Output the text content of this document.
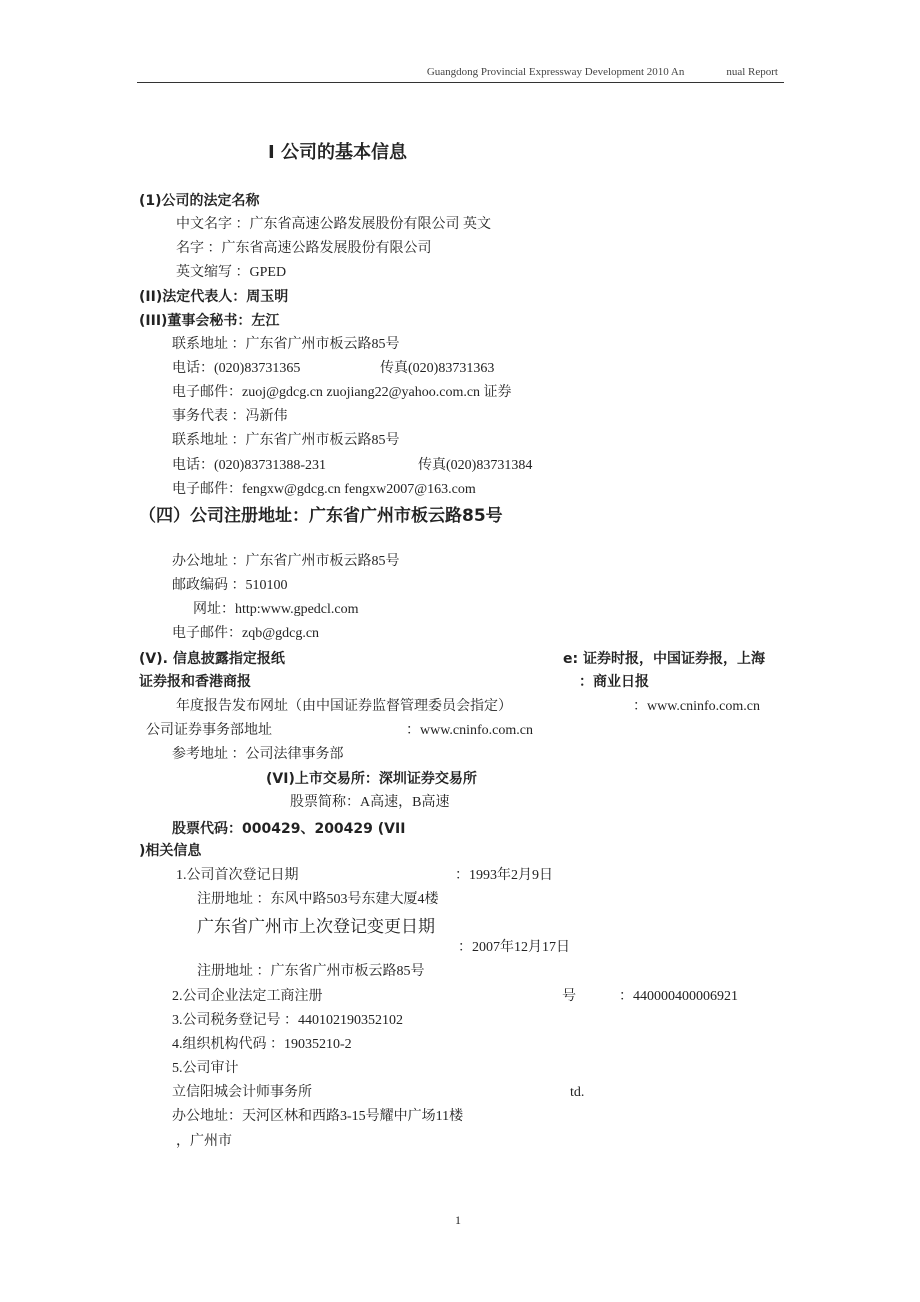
Guangdong Provincial Expressway Development 2010 An	nual Report
Ⅰ 公司的基本信息
(1)公司的法定名称
中文名字 ：广东省高速公路发展股份有限公司 英文
名字 ：广东省高速公路发展股份有限公司
英文缩写 ：GPED
(II)法定代表人：周玉明
(III)董事会秘书：左江
联系地址 ：广东省广州市板云路85号
电话：(020)83731365	传真(020)83731363
电子邮件：zuoj@gdcg.cn zuojiang22@yahoo.com.cn 证券
事务代表 ：冯新伟
联系地址 ：广东省广州市板云路85号
电话：(020)83731388-231	传真(020)83731384
电子邮件：fengxw@gdcg.cn fengxw2007@163.com
（四）公司注册地址：广东省广州市板云路85号
办公地址 ：广东省广州市板云路85号
邮政编码 ：510100
网址：http:www.gpedcl.com
电子邮件：zqb@gdcg.cn
(V). 信息披露指定报纸	e: 证券时报，中国证券报，上海
证券报和香港商报	：商业日报
年度报告发布网址（由中国证券监督管理委员会指定）	：www.cninfo.com.cn
公司证券事务部地址	：www.cninfo.com.cn
参考地址 ：公司法律事务部
(VI)上市交易所：深圳证券交易所
股票简称：A高速，B高速
股票代码：000429、200429 (VII
)相关信息
1.公司首次登记日期	：1993年2月9日
注册地址 ：东风中路503号东建大厦4楼
广东省广州市上次登记变更日期
：2007年12月17日
注册地址 ：广东省广州市板云路85号
2.公司企业法定工商注册	号	：440000400006921
3.公司税务登记号 ：440102190352102
4.组织机构代码 ：19035210-2
5.公司审计
立信阳城会计师事务所	td.
办公地址：天河区林和西路3-15号耀中广场11楼
，广州市
1
